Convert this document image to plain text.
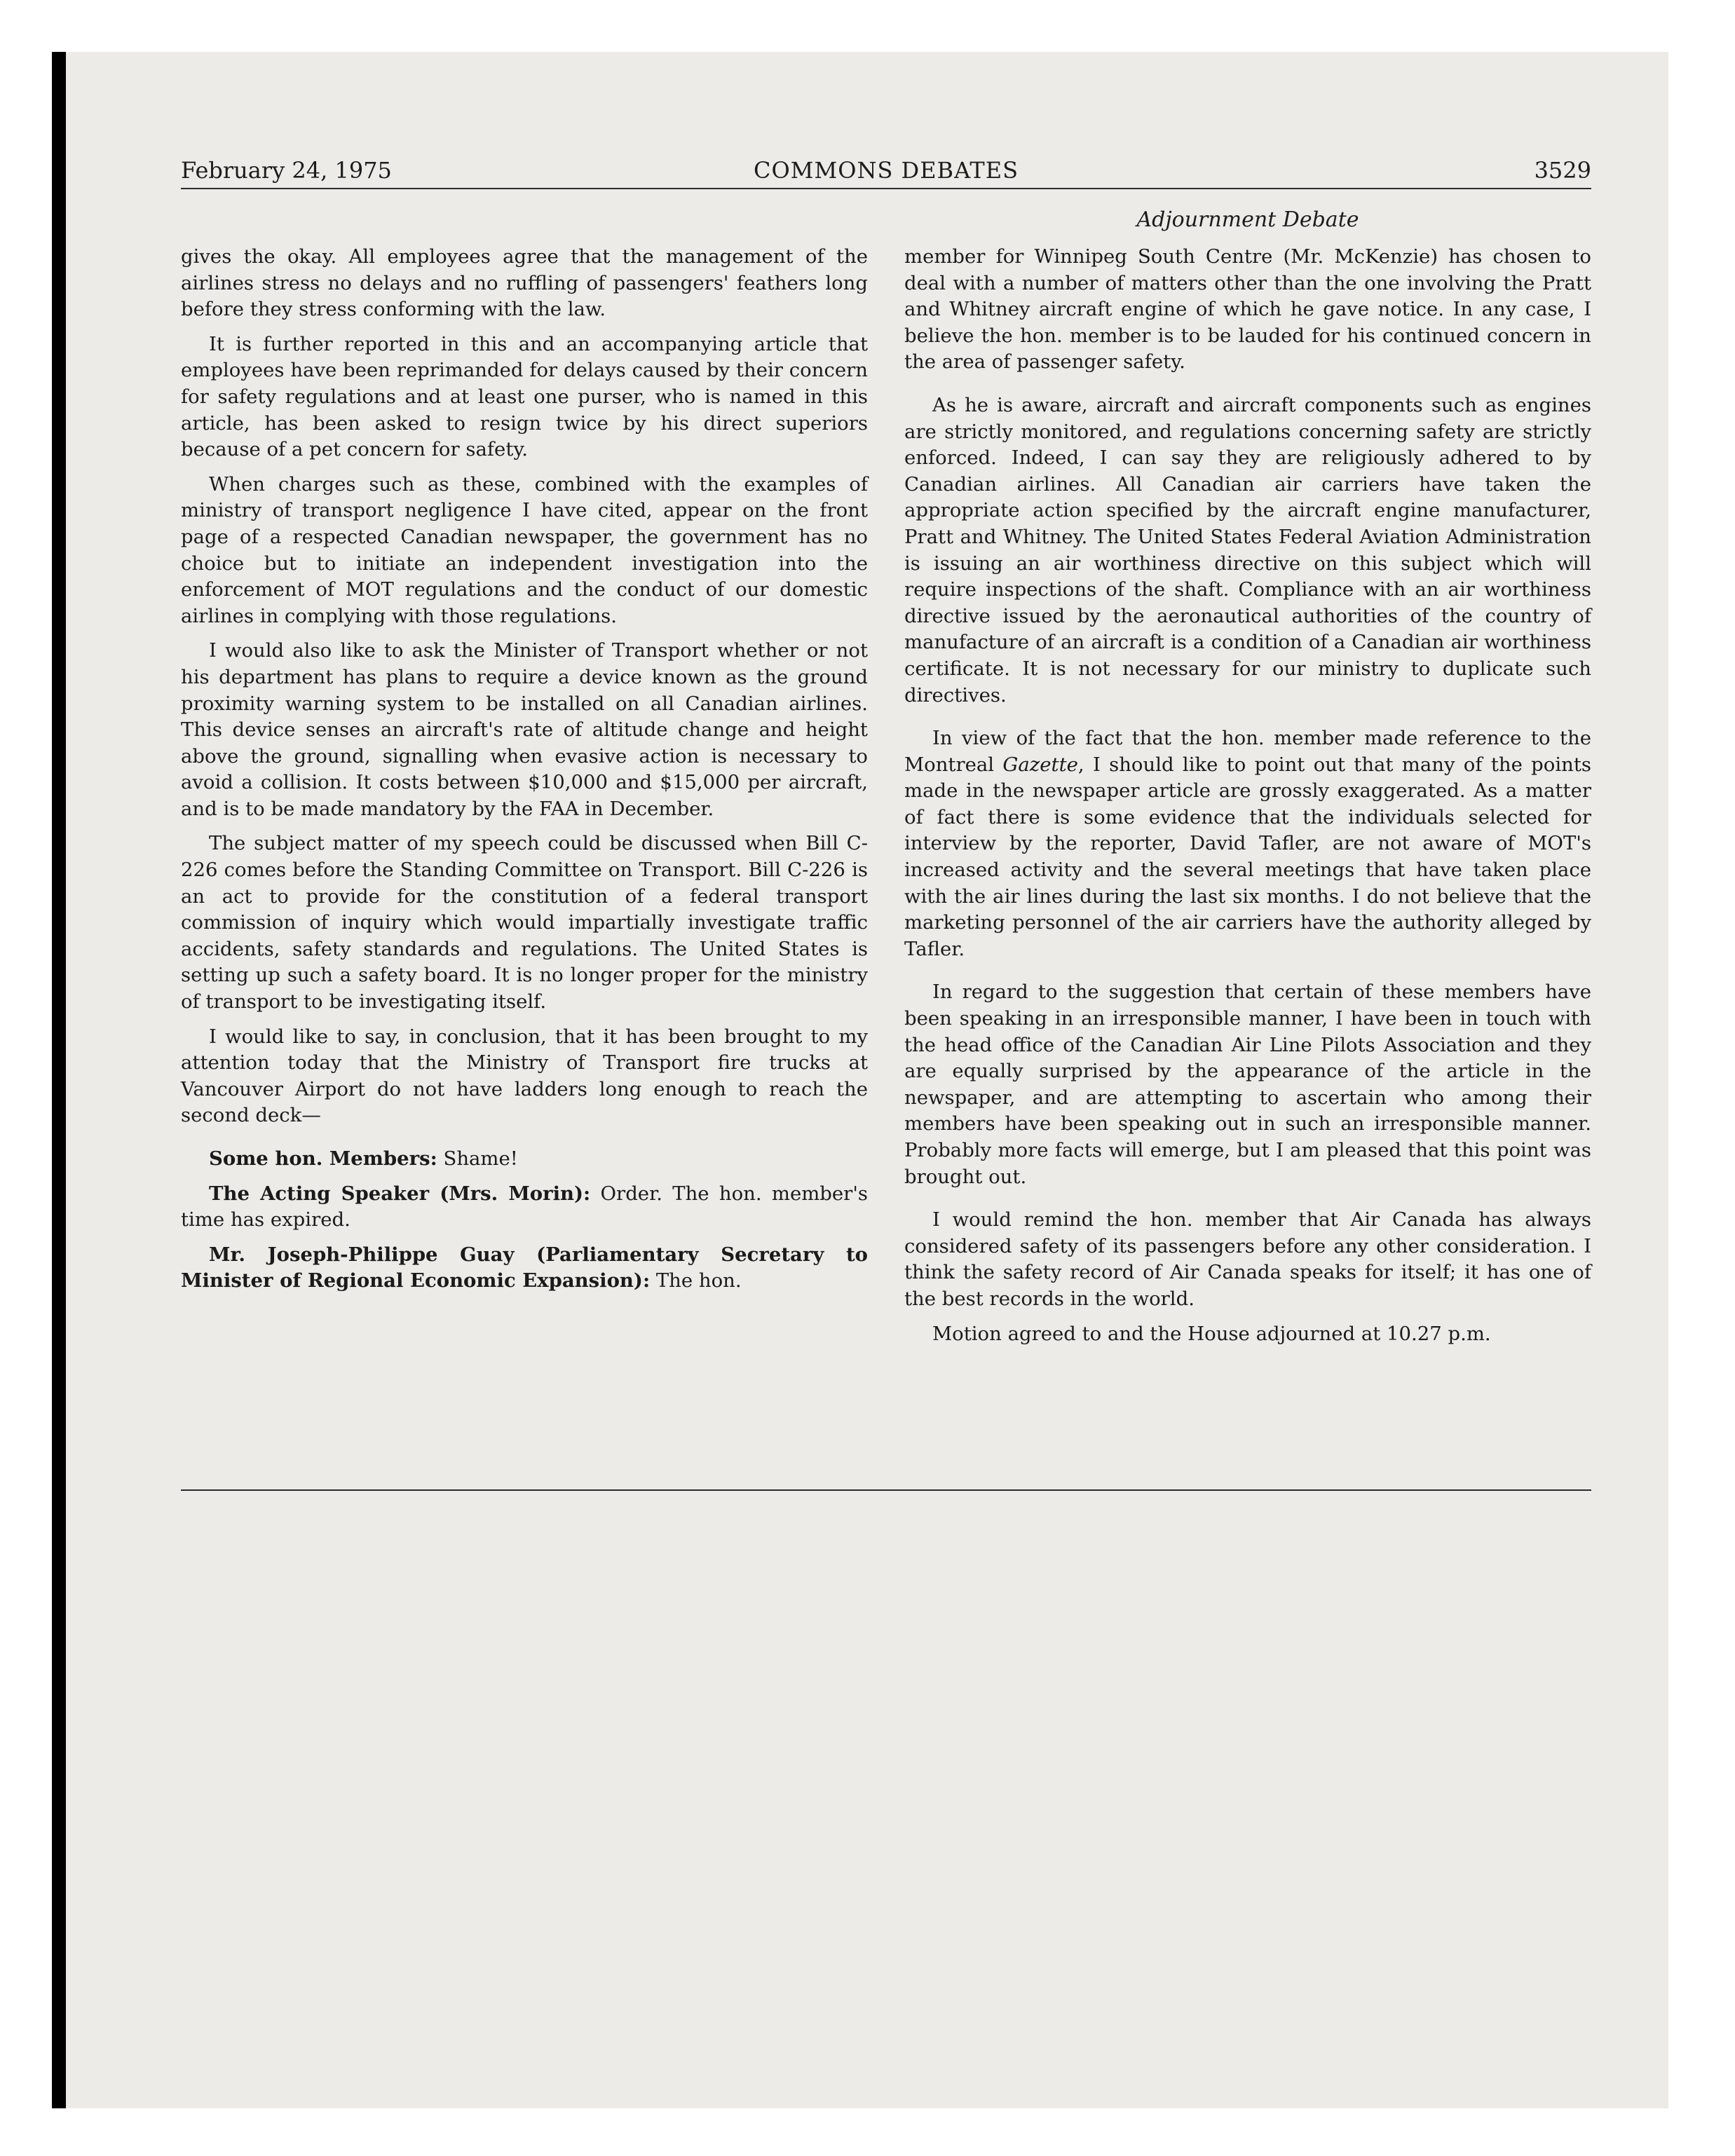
February 24, 1975	COMMONS DEBATES	3529
Adjournment Debate

gives the okay. All employees agree that the management of the airlines stress no delays and no ruffling of passengers' feathers long before they stress conforming with the law.

It is further reported in this and an accompanying article that employees have been reprimanded for delays caused by their concern for safety regulations and at least one purser, who is named in this article, has been asked to resign twice by his direct superiors because of a pet concern for safety.

When charges such as these, combined with the examples of ministry of transport negligence I have cited, appear on the front page of a respected Canadian newspaper, the government has no choice but to initiate an independent investigation into the enforcement of MOT regulations and the conduct of our domestic airlines in complying with those regulations.

I would also like to ask the Minister of Transport whether or not his department has plans to require a device known as the ground proximity warning system to be installed on all Canadian airlines. This device senses an aircraft's rate of altitude change and height above the ground, signalling when evasive action is necessary to avoid a collision. It costs between $10,000 and $15,000 per aircraft, and is to be made mandatory by the FAA in December.

The subject matter of my speech could be discussed when Bill C-226 comes before the Standing Committee on Transport. Bill C-226 is an act to provide for the constitution of a federal transport commission of inquiry which would impartially investigate traffic accidents, safety standards and regulations. The United States is setting up such a safety board. It is no longer proper for the ministry of transport to be investigating itself.

I would like to say, in conclusion, that it has been brought to my attention today that the Ministry of Transport fire trucks at Vancouver Airport do not have ladders long enough to reach the second deck—

Some hon. Members: Shame!

The Acting Speaker (Mrs. Morin): Order. The hon. member's time has expired.

Mr. Joseph-Philippe Guay (Parliamentary Secretary to Minister of Regional Economic Expansion): The hon.

member for Winnipeg South Centre (Mr. McKenzie) has chosen to deal with a number of matters other than the one involving the Pratt and Whitney aircraft engine of which he gave notice. In any case, I believe the hon. member is to be lauded for his continued concern in the area of passenger safety.

As he is aware, aircraft and aircraft components such as engines are strictly monitored, and regulations concerning safety are strictly enforced. Indeed, I can say they are religiously adhered to by Canadian airlines. All Canadian air carriers have taken the appropriate action specified by the aircraft engine manufacturer, Pratt and Whitney. The United States Federal Aviation Administration is issuing an air worthiness directive on this subject which will require inspections of the shaft. Compliance with an air worthiness directive issued by the aeronautical authorities of the country of manufacture of an aircraft is a condition of a Canadian air worthiness certificate. It is not necessary for our ministry to duplicate such directives.

In view of the fact that the hon. member made reference to the Montreal Gazette, I should like to point out that many of the points made in the newspaper article are grossly exaggerated. As a matter of fact there is some evidence that the individuals selected for interview by the reporter, David Tafler, are not aware of MOT's increased activity and the several meetings that have taken place with the air lines during the last six months. I do not believe that the marketing personnel of the air carriers have the authority alleged by Tafler.

In regard to the suggestion that certain of these members have been speaking in an irresponsible manner, I have been in touch with the head office of the Canadian Air Line Pilots Association and they are equally surprised by the appearance of the article in the newspaper, and are attempting to ascertain who among their members have been speaking out in such an irresponsible manner. Probably more facts will emerge, but I am pleased that this point was brought out.

I would remind the hon. member that Air Canada has always considered safety of its passengers before any other consideration. I think the safety record of Air Canada speaks for itself; it has one of the best records in the world.

Motion agreed to and the House adjourned at 10.27 p.m.
